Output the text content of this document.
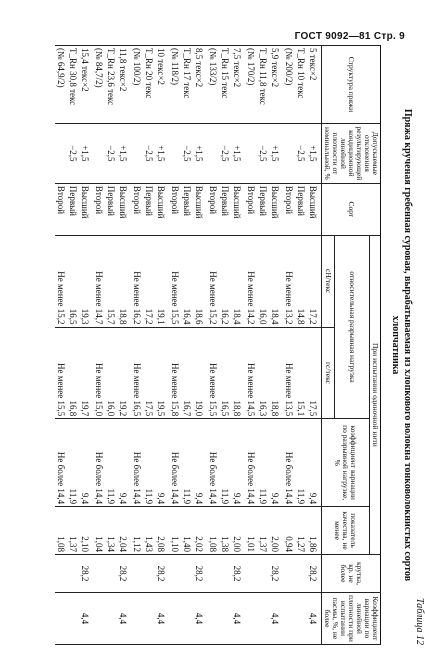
ГОСТ 9092—81 Стр. 9
Таблица 12
Пряжа крученая гребенная суровая, вырабатываемая из хлопкового волокна тонковолокнистых сортов
хлопчатника
Структура пряжи	Допускаемые отклонения результирующей кондиционной линейной плотности от номинальной, %	Сорт	При испытании одиночной нити				крутка, кр. не более	Коэффициент вариации по линейной плотности при испытании пасмы, %, не более
			относительная разрывная нагрузка		коэффициент вариации по разрывной нагрузке, %	показатель качества, не менее		
			сН/текс	гс/текс				
5 текс×2	+1,5	Высший	17,2	17,5	9,4	1,86	28,2	4,4
T_Rн 10 текс	−2,5	Первый	14,8	15,1	11,9	1,27		
(№ 200/2)		Второй	Не менее 13,2	Не менее 13,5	Не более 14,4	0,94		
5,9 текс×2	+1,5	Высший	18,4	18,8	9,4	2,00	28,2	4,4
T_Rн 11,8 текс	−2,5	Первый	16,0	16,3	11,9	1,37		
(№ 170/2)		Второй	Не менее 14,2	Не менее 14,5	Не более 14,4	1,01		
7,5 текс×2	+1,5	Высший	18,4	18,8	9,4	2,00	28,2	4,4
T_Rн 15 текс	−2,5	Первый	16,2	16,5	11,9	1,38		
(№ 133/2)		Второй	Не менее 15,2	Не менее 15,5	Не более 14,4	1,08		
8,5 текс×2	+1,5	Высший	18,6	19,0	9,4	2,02	28,2	4,4
T_Rн 17 текс	−2,5	Первый	16,4	16,7	11,9	1,40		
(№ 118/2)		Второй	Не менее 15,5	Не менее 15,8	Не более 14,4	1,10		
10 текс×2	+1,5	Высший	19,1	19,5	9,4	2,08	28,2	4,4
T_Rн 20 текс	−2,5	Первый	17,2	17,5	11,9	1,43		
(№ 100/2)		Второй	Не менее 16,2	Не менее 16,5	Не более 14,4	1,12		
11,8 текс×2	+1,5	Высший	18,8	19,2	9,4	2,04	28,2	4,4
T_Rн 23,6 текс	−2,5	Первый	15,7	16,0	11,9	1,34		
(№ 84,7/2)		Второй	Не менее 14,7	Не менее 15,0	Не более 14,4	1,04		
15,4 текс×2	+1,5	Высший	19,3	19,7	9,4	2,10	28,2	4,4
T_Rн 30,8 текс	−2,5	Первый	16,5	16,8	11,9	1,37		
(№ 64,9/2)		Второй	Не менее 15,2	Не менее 15,5	Не более 14,4	1,08		
